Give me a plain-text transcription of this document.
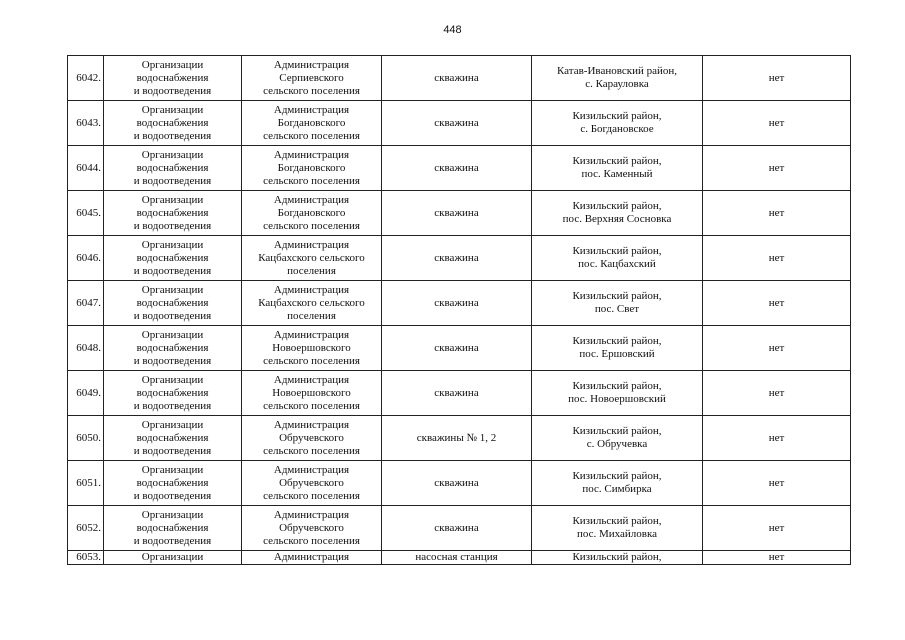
448
6042.	Организации
водоснабжения
и водоотведения	Администрация
Серпиевского
сельского поселения	скважина	Катав-Ивановский район,
с. Карауловка	нет
6043.	Организации
водоснабжения
и водоотведения	Администрация
Богдановского
сельского поселения	скважина	Кизильский район,
с. Богдановское	нет
6044.	Организации
водоснабжения
и водоотведения	Администрация
Богдановского
сельского поселения	скважина	Кизильский район,
пос. Каменный	нет
6045.	Организации
водоснабжения
и водоотведения	Администрация
Богдановского
сельского поселения	скважина	Кизильский район,
пос. Верхняя Сосновка	нет
6046.	Организации
водоснабжения
и водоотведения	Администрация
Кацбахского сельского
поселения	скважина	Кизильский район,
пос. Кацбахский	нет
6047.	Организации
водоснабжения
и водоотведения	Администрация
Кацбахского сельского
поселения	скважина	Кизильский район,
пос. Свет	нет
6048.	Организации
водоснабжения
и водоотведения	Администрация
Новоершовского
сельского поселения	скважина	Кизильский район,
пос. Ершовский	нет
6049.	Организации
водоснабжения
и водоотведения	Администрация
Новоершовского
сельского поселения	скважина	Кизильский район,
пос. Новоершовский	нет
6050.	Организации
водоснабжения
и водоотведения	Администрация
Обручевского
сельского поселения	скважины № 1, 2	Кизильский район,
с. Обручевка	нет
6051.	Организации
водоснабжения
и водоотведения	Администрация
Обручевского
сельского поселения	скважина	Кизильский район,
пос. Симбирка	нет
6052.	Организации
водоснабжения
и водоотведения	Администрация
Обручевского
сельского поселения	скважина	Кизильский район,
пос. Михайловка	нет
6053.	Организации	Администрация	насосная станция	Кизильский район,	нет
